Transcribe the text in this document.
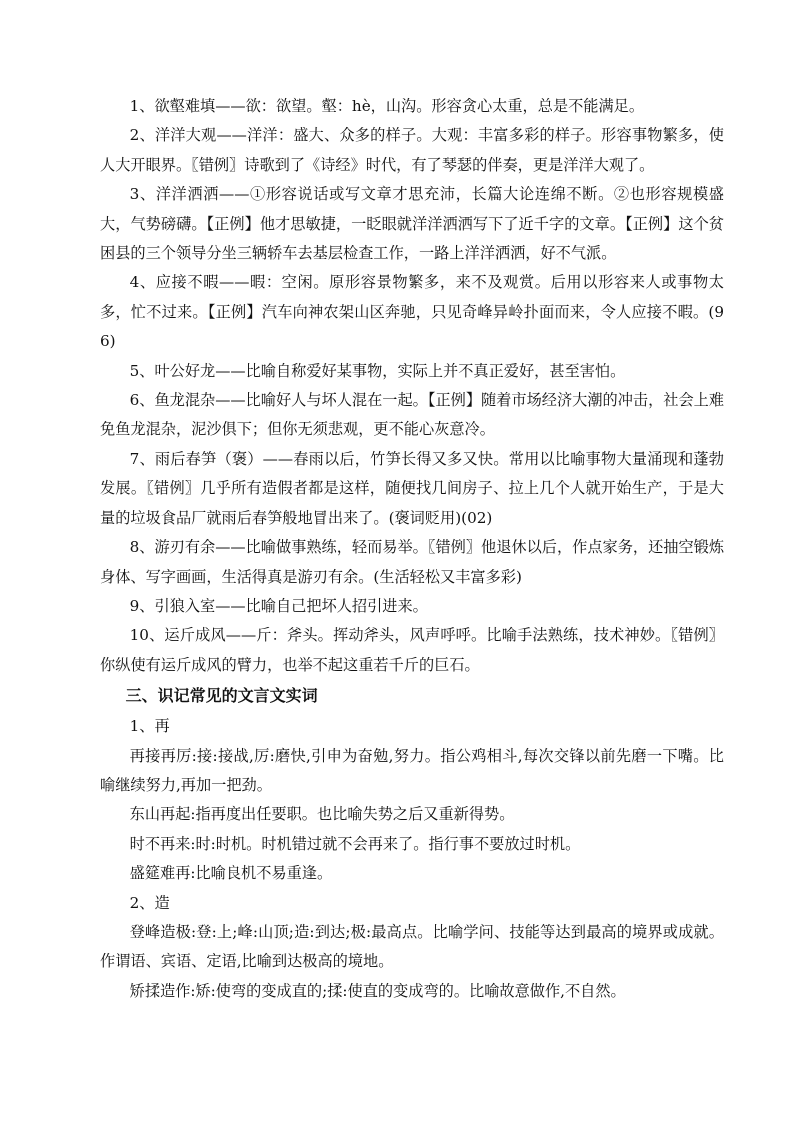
1、欲壑难填——欲：欲望。壑：hè，山沟。形容贪心太重，总是不能满足。

2、洋洋大观——洋洋：盛大、众多的样子。大观：丰富多彩的样子。形容事物繁多，使人大开眼界。〖错例〗诗歌到了《诗经》时代，有了琴瑟的伴奏，更是洋洋大观了。

3、洋洋洒洒——①形容说话或写文章才思充沛，长篇大论连绵不断。②也形容规模盛大，气势磅礴。【正例】他才思敏捷，一眨眼就洋洋洒洒写下了近千字的文章。【正例】这个贫困县的三个领导分坐三辆轿车去基层检查工作，一路上洋洋洒洒，好不气派。

4、应接不暇——暇：空闲。原形容景物繁多，来不及观赏。后用以形容来人或事物太多，忙不过来。【正例】汽车向神农架山区奔驰，只见奇峰异岭扑面而来，令人应接不暇。(96)

5、叶公好龙——比喻自称爱好某事物，实际上并不真正爱好，甚至害怕。

6、鱼龙混杂——比喻好人与坏人混在一起。【正例】随着市场经济大潮的冲击，社会上难免鱼龙混杂，泥沙俱下；但你无须悲观，更不能心灰意冷。

7、雨后春笋（褒）——春雨以后，竹笋长得又多又快。常用以比喻事物大量涌现和蓬勃发展。〖错例〗几乎所有造假者都是这样，随便找几间房子、拉上几个人就开始生产，于是大量的垃圾食品厂就雨后春笋般地冒出来了。(褒词贬用)(02)

8、游刃有余——比喻做事熟练，轻而易举。〖错例〗他退休以后，作点家务，还抽空锻炼身体、写字画画，生活得真是游刃有余。(生活轻松又丰富多彩)

9、引狼入室——比喻自己把坏人招引进来。

10、运斤成风——斤：斧头。挥动斧头，风声呼呼。比喻手法熟练，技术神妙。〖错例〗你纵使有运斤成风的臂力，也举不起这重若千斤的巨石。

三、识记常见的文言文实词

1、再

再接再厉:接:接战,厉:磨快,引申为奋勉,努力。指公鸡相斗,每次交锋以前先磨一下嘴。比喻继续努力,再加一把劲。

东山再起:指再度出任要职。也比喻失势之后又重新得势。

时不再来:时:时机。时机错过就不会再来了。指行事不要放过时机。

盛筵难再:比喻良机不易重逢。

2、造

登峰造极:登:上;峰:山顶;造:到达;极:最高点。比喻学问、技能等达到最高的境界或成就。作谓语、宾语、定语,比喻到达极高的境地。

矫揉造作:矫:使弯的变成直的;揉:使直的变成弯的。比喻故意做作,不自然。
